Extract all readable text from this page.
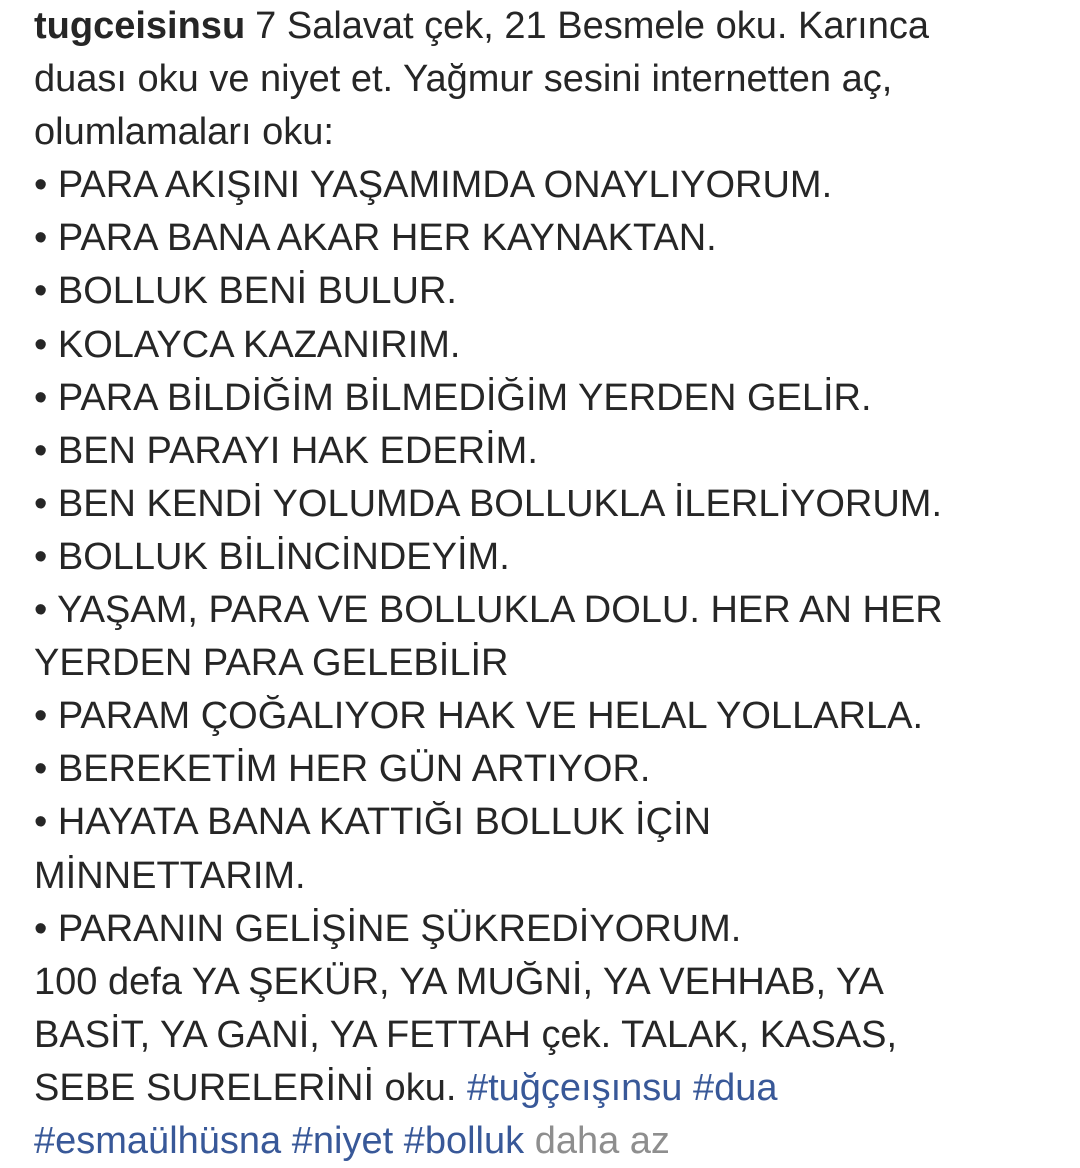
tugceisinsu 7 Salavat çek, 21 Besmele oku. Karınca
duası oku ve niyet et. Yağmur sesini internetten aç,
olumlamaları oku:
• PARA AKIŞINI YAŞAMIMDA ONAYLIYORUM.
• PARA BANA AKAR HER KAYNAKTAN.
• BOLLUK BENİ BULUR.
• KOLAYCA KAZANIRIM.
• PARA BİLDİĞİM BİLMEDİĞİM YERDEN GELİR.
• BEN PARAYI HAK EDERİM.
• BEN KENDİ YOLUMDA BOLLUKLA İLERLİYORUM.
• BOLLUK BİLİNCİNDEYİM.
• YAŞAM, PARA VE BOLLUKLA DOLU. HER AN HER
YERDEN PARA GELEBİLİR
• PARAM ÇOĞALIYOR HAK VE HELAL YOLLARLA.
• BEREKETİM HER GÜN ARTIYOR.
• HAYATA BANA KATTIĞI BOLLUK İÇİN
MİNNETTARIM.
• PARANIN GELİŞİNE ŞÜKREDİYORUM.
100 defa YA ŞEKÜR, YA MUĞNİ, YA VEHHAB, YA
BASİT, YA GANİ, YA FETTAH çek. TALAK, KASAS,
SEBE SURELERİNİ oku. #tuğçeışınsu #dua
#esmaülhüsna #niyet #bolluk daha az
